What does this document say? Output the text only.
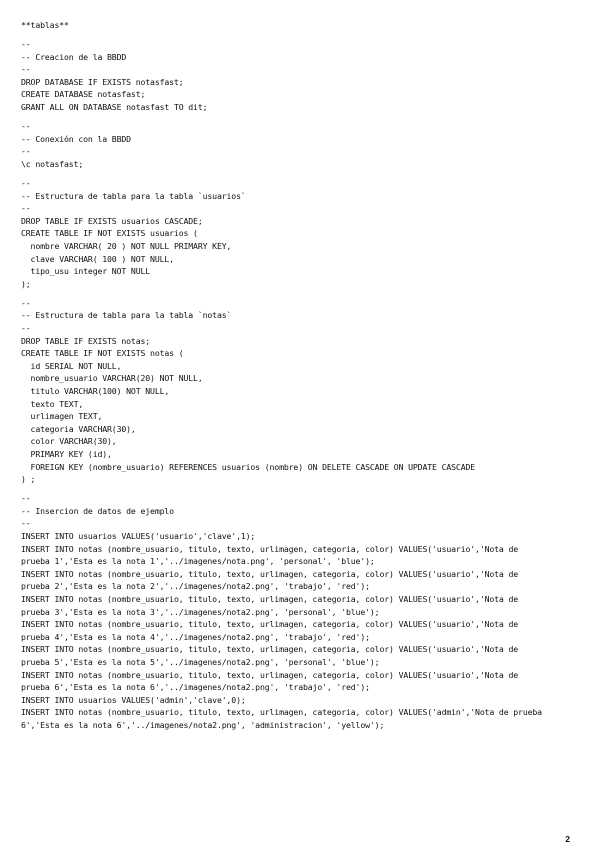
**tablas**
--
-- Creacion de la BBDD
--
DROP DATABASE IF EXISTS notasfast;
CREATE DATABASE notasfast;
GRANT ALL ON DATABASE notasfast TO dit;
--
-- Conexión con la BBDD
--
\c notasfast;
--
-- Estructura de tabla para la tabla `usuarios`
--
DROP TABLE IF EXISTS usuarios CASCADE;
CREATE TABLE IF NOT EXISTS usuarios (
nombre VARCHAR( 20 ) NOT NULL PRIMARY KEY,
clave VARCHAR( 100 ) NOT NULL,
tipo_usu integer NOT NULL
);
--
-- Estructura de tabla para la tabla `notas`
--
DROP TABLE IF EXISTS notas;
CREATE TABLE IF NOT EXISTS notas (
id SERIAL NOT NULL,
nombre_usuario VARCHAR(20) NOT NULL,
titulo VARCHAR(100) NOT NULL,
texto TEXT,
urlimagen TEXT,
categoria VARCHAR(30),
color VARCHAR(30),
PRIMARY KEY (id),
FOREIGN KEY (nombre_usuario) REFERENCES usuarios (nombre) ON DELETE CASCADE ON UPDATE CASCADE
) ;
--
-- Insercion de datos de ejemplo
--
INSERT INTO usuarios VALUES('usuario','clave',1);
INSERT INTO notas (nombre_usuario, titulo, texto, urlimagen, categoria, color) VALUES('usuario','Nota de
prueba 1','Esta es la nota 1','../imagenes/nota.png', 'personal', 'blue');
INSERT INTO notas (nombre_usuario, titulo, texto, urlimagen, categoria, color) VALUES('usuario','Nota de
prueba 2','Esta es la nota 2','../imagenes/nota2.png', 'trabajo', 'red');
INSERT INTO notas (nombre_usuario, titulo, texto, urlimagen, categoria, color) VALUES('usuario','Nota de
prueba 3','Esta es la nota 3','../imagenes/nota2.png', 'personal', 'blue');
INSERT INTO notas (nombre_usuario, titulo, texto, urlimagen, categoria, color) VALUES('usuario','Nota de
prueba 4','Esta es la nota 4','../imagenes/nota2.png', 'trabajo', 'red');
INSERT INTO notas (nombre_usuario, titulo, texto, urlimagen, categoria, color) VALUES('usuario','Nota de
prueba 5','Esta es la nota 5','../imagenes/nota2.png', 'personal', 'blue');
INSERT INTO notas (nombre_usuario, titulo, texto, urlimagen, categoria, color) VALUES('usuario','Nota de
prueba 6','Esta es la nota 6','../imagenes/nota2.png', 'trabajo', 'red');
INSERT INTO usuarios VALUES('admin','clave',0);
INSERT INTO notas (nombre_usuario, titulo, texto, urlimagen, categoria, color) VALUES('admin','Nota de prueba
6','Esta es la nota 6','../imagenes/nota2.png', 'administracion', 'yellow');
2
